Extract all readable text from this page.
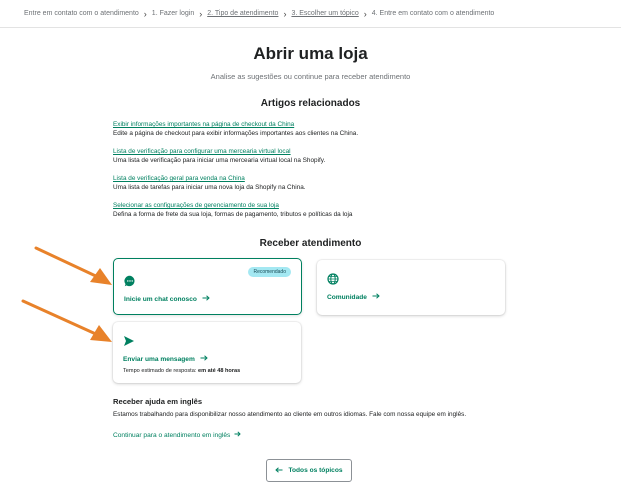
Entre em contato com o atendimento › 1. Fazer login › 2. Tipo de atendimento › 3. Escolher um tópico › 4. Entre em contato com o atendimento
Abrir uma loja

Analise as sugestões ou continue para receber atendimento

Artigos relacionados
Exibir informações importantes na página de checkout da China
Edite a página de checkout para exibir informações importantes aos clientes na China.
Lista de verificação para configurar uma mercearia virtual local
Uma lista de verificação para iniciar uma mercearia virtual local na Shopify.
Lista de verificação geral para venda na China
Uma lista de tarefas para iniciar uma nova loja da Shopify na China.
Selecionar as configurações de gerenciamento de sua loja
Defina a forma de frete da sua loja, formas de pagamento, tributos e políticas da loja
Receber atendimento
Recomendado
Inicie um chat conosco	Comunidade
Enviar uma mensagem
Tempo estimado de resposta: em até 48 horas
Receber ajuda em inglês

Estamos trabalhando para disponibilizar nosso atendimento ao cliente em outros idiomas. Fale com nossa equipe em inglês.

Continuar para o atendimento em inglês
Todos os tópicos
